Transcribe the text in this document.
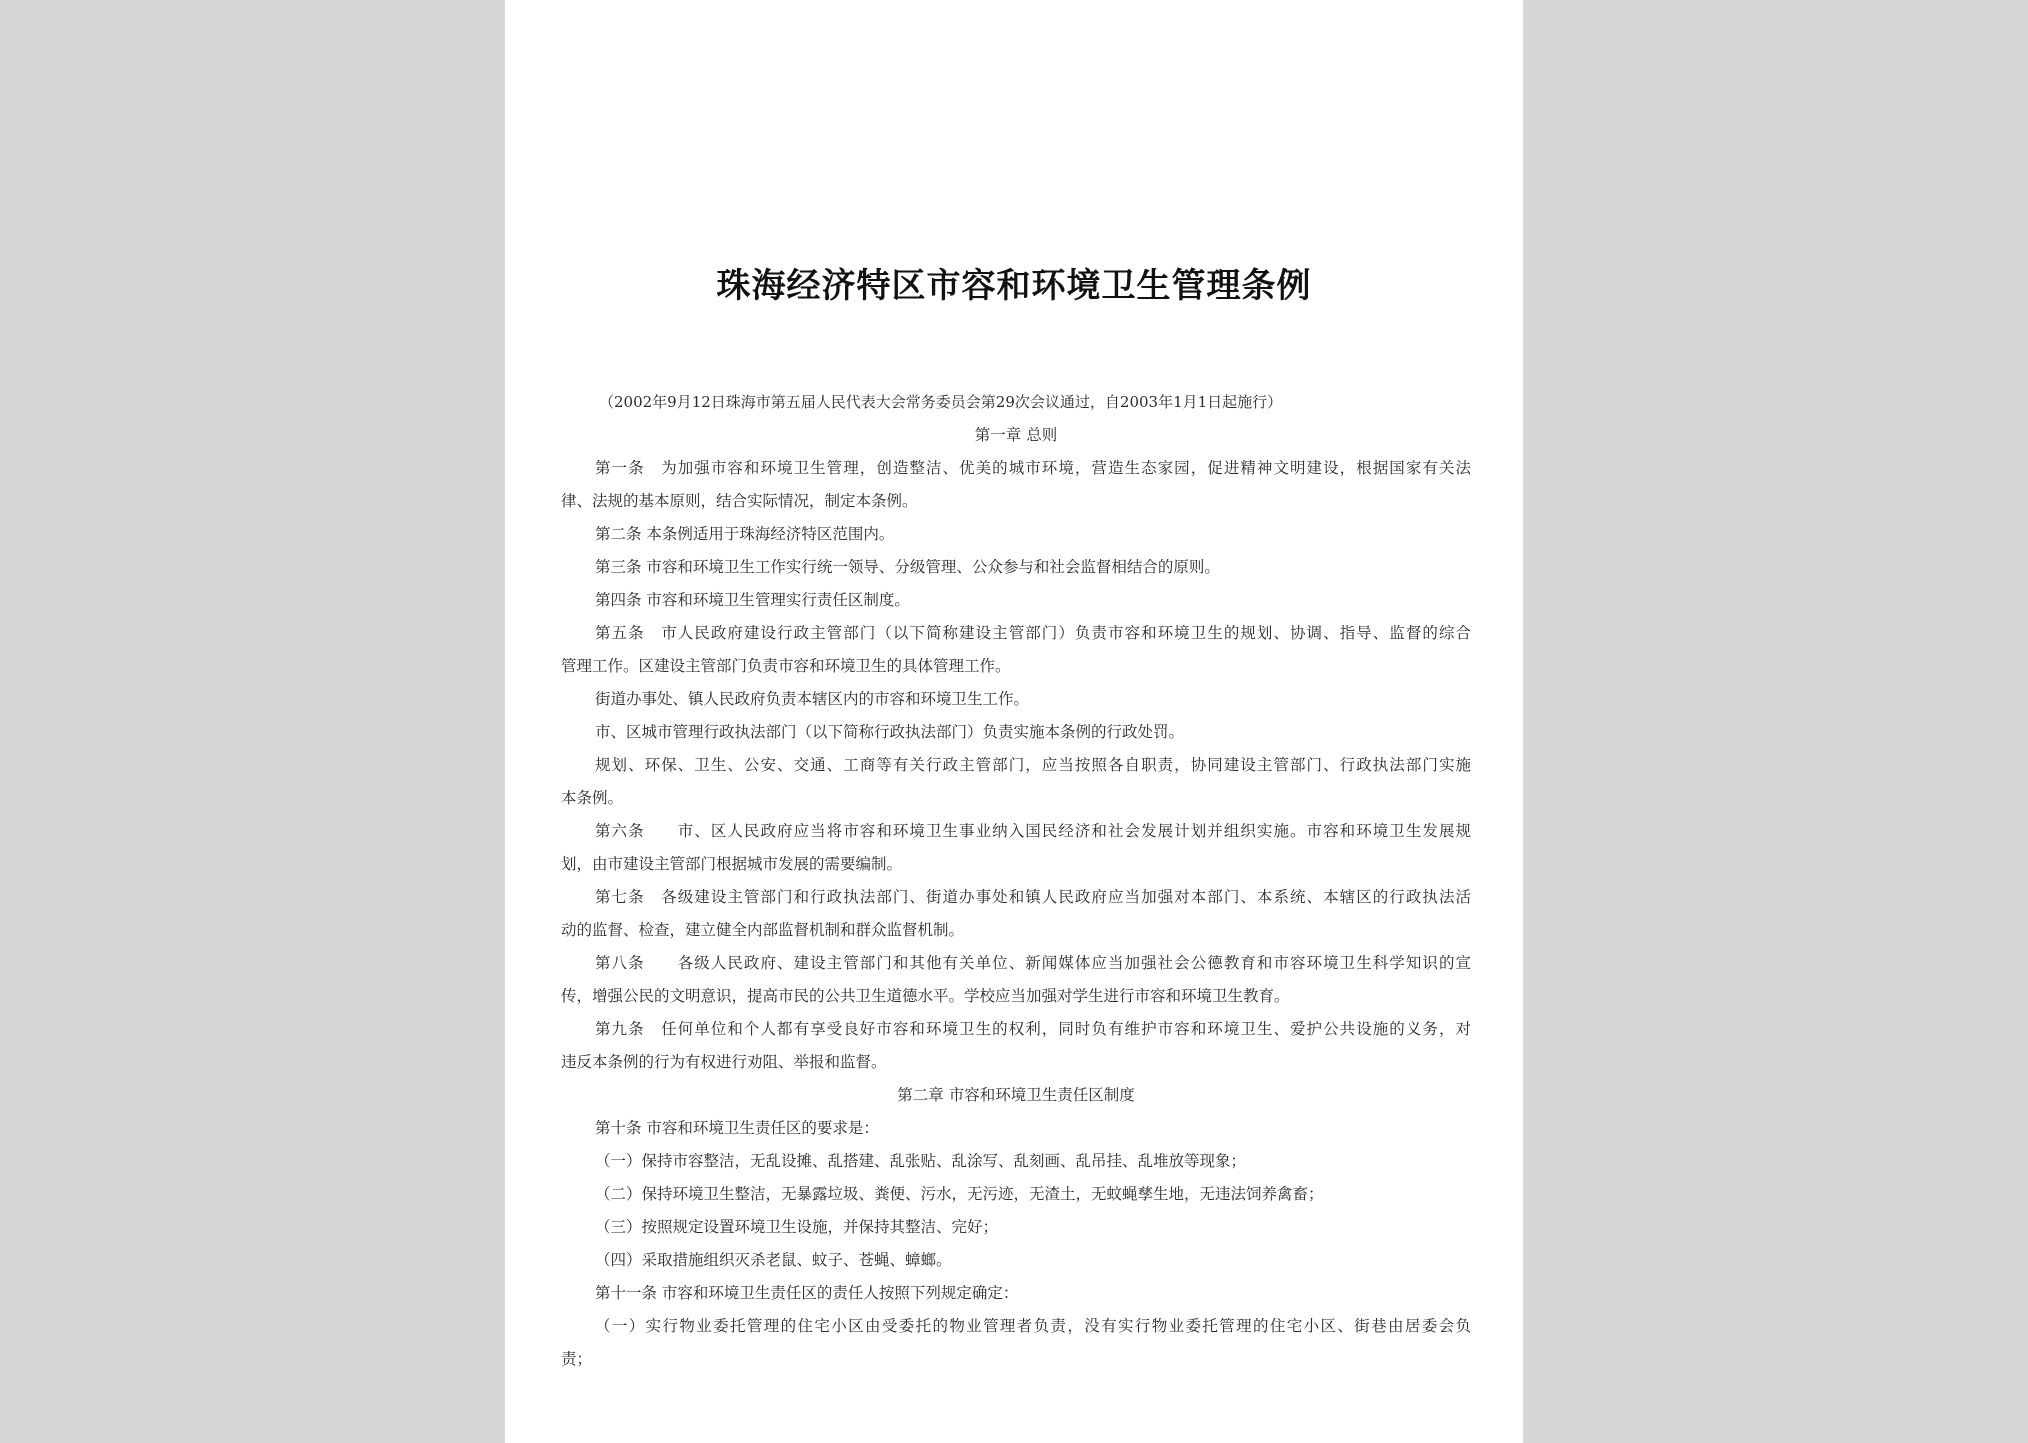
珠海经济特区市容和环境卫生管理条例
（2002年9月12日珠海市第五届人民代表大会常务委员会第29次会议通过，自2003年1月1日起施行）
第一章 总则
第一条　为加强市容和环境卫生管理，创造整洁、优美的城市环境，营造生态家园，促进精神文明建设，根据国家有关法
律、法规的基本原则，结合实际情况，制定本条例。
第二条 本条例适用于珠海经济特区范围内。
第三条 市容和环境卫生工作实行统一领导、分级管理、公众参与和社会监督相结合的原则。
第四条 市容和环境卫生管理实行责任区制度。
第五条　市人民政府建设行政主管部门（以下简称建设主管部门）负责市容和环境卫生的规划、协调、指导、监督的综合
管理工作。区建设主管部门负责市容和环境卫生的具体管理工作。
街道办事处、镇人民政府负责本辖区内的市容和环境卫生工作。
市、区城市管理行政执法部门（以下简称行政执法部门）负责实施本条例的行政处罚。
规划、环保、卫生、公安、交通、工商等有关行政主管部门，应当按照各自职责，协同建设主管部门、行政执法部门实施
本条例。
第六条　　市、区人民政府应当将市容和环境卫生事业纳入国民经济和社会发展计划并组织实施。市容和环境卫生发展规
划，由市建设主管部门根据城市发展的需要编制。
第七条　各级建设主管部门和行政执法部门、街道办事处和镇人民政府应当加强对本部门、本系统、本辖区的行政执法活
动的监督、检查，建立健全内部监督机制和群众监督机制。
第八条　　各级人民政府、建设主管部门和其他有关单位、新闻媒体应当加强社会公德教育和市容环境卫生科学知识的宣
传，增强公民的文明意识，提高市民的公共卫生道德水平。学校应当加强对学生进行市容和环境卫生教育。
第九条　任何单位和个人都有享受良好市容和环境卫生的权利，同时负有维护市容和环境卫生、爱护公共设施的义务，对
违反本条例的行为有权进行劝阻、举报和监督。
第二章 市容和环境卫生责任区制度
第十条 市容和环境卫生责任区的要求是：
（一）保持市容整洁，无乱设摊、乱搭建、乱张贴、乱涂写、乱刻画、乱吊挂、乱堆放等现象；
（二）保持环境卫生整洁，无暴露垃圾、粪便、污水，无污迹，无渣土，无蚊蝇孳生地，无违法饲养禽畜；
（三）按照规定设置环境卫生设施，并保持其整洁、完好；
（四）采取措施组织灭杀老鼠、蚊子、苍蝇、蟑螂。
第十一条 市容和环境卫生责任区的责任人按照下列规定确定：
（一）实行物业委托管理的住宅小区由受委托的物业管理者负责，没有实行物业委托管理的住宅小区、街巷由居委会负
责；
